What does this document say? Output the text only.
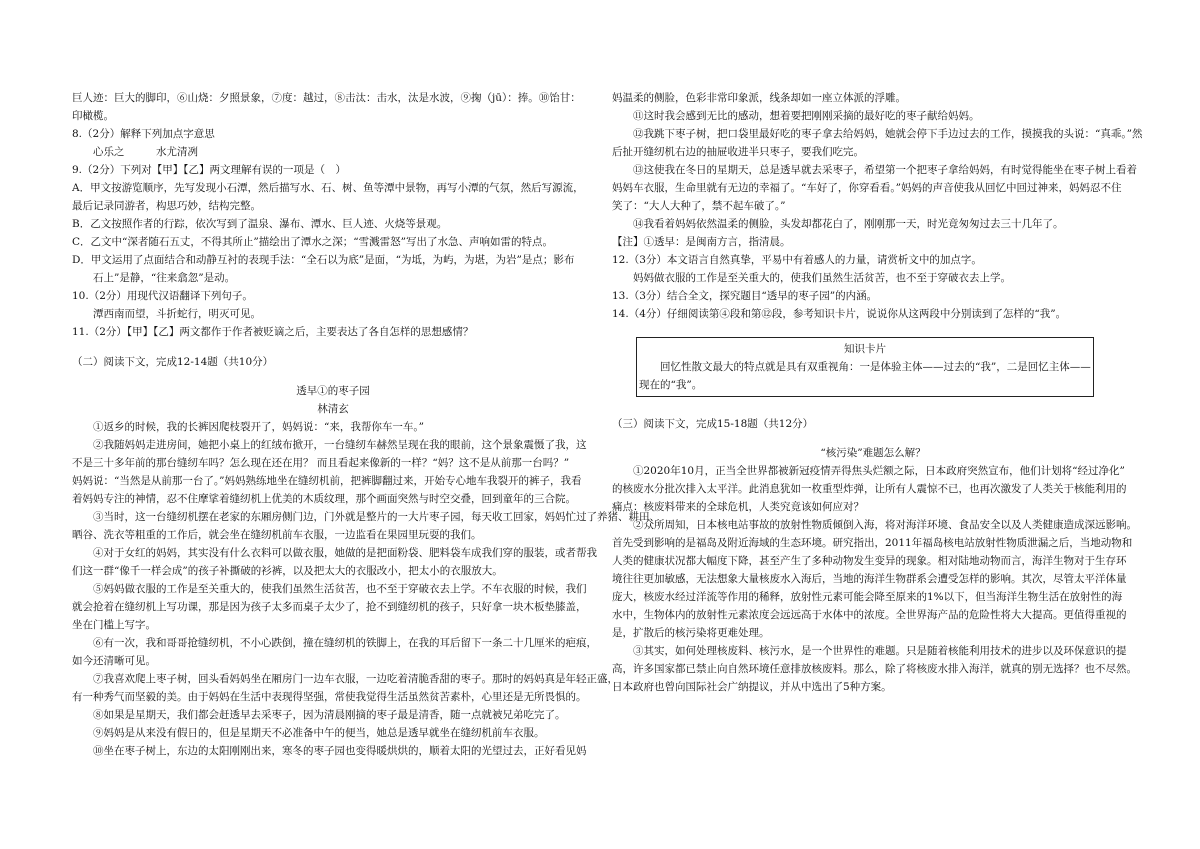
巨人迹：巨大的脚印，⑥山烧：夕照景象，⑦度：越过，⑧击汰：击水，汰是水波，⑨掬（jū）：捧。⑩饴甘：

印橄榄。

8.（2分）解释下列加点字意思

心乐之　　　水尤清冽

9.（2分）下列对【甲】【乙】两文理解有误的一项是（　）

A．甲文按游览顺序，先写发现小石潭，然后描写水、石、树、鱼等潭中景物，再写小潭的气氛，然后写源流，

最后记录同游者，构思巧妙，结构完整。

B．乙文按照作者的行踪，依次写到了温泉、瀑布、潭水、巨人迹、火烧等景观。

C．乙文中“深者随石五丈，不得其所止”描绘出了潭水之深；“雪溅雷怒”写出了水急、声响如雷的特点。

D．甲文运用了点面结合和动静互衬的表现手法：“全石以为底”是面，“为坻，为屿，为堪，为岩”是点；影布

石上”是静，“往来翕忽”是动。

10.（2分）用现代汉语翻译下列句子。

潭西南而望，斗折蛇行，明灭可见。

11.（2分）【甲】【乙】两文都作于作者被贬谪之后，主要表达了各自怎样的思想感情？

（二）阅读下文，完成12-14题（共10分）

透早①的枣子园

林清玄

①返乡的时候，我的长裤因爬枝裂开了，妈妈说：“来，我帮你车一车。”

②我随妈妈走进房间，她把小桌上的红绒布掀开，一台缝纫车赫然呈现在我的眼前，这个景象震慑了我，这

不是三十多年前的那台缝纫车吗？怎么现在还在用？ 而且看起来像新的一样？“妈？这不是从前那一台吗？”

妈妈说：“当然是从前那一台了。”妈妈熟练地坐在缝纫机前，把裤脚翻过来，开始专心地车我裂开的裤子，我看

着妈妈专注的神情，忍不住摩挲着缝纫机上优美的木质纹理，那个画面突然与时空交叠，回到童年的三合院。

③当时，这一台缝纫机摆在老家的东厢房侧门边，门外就是整片的一大片枣子园，每天收工回家，妈妈忙过了养猪、耕田、

晒谷、洗衣等粗重的工作后，就会坐在缝纫机前车衣服，一边监看在果园里玩耍的我们。

④对于女红的妈妈，其实没有什么衣料可以做衣服，她做的是把面粉袋、肥料袋车成我们穿的服装，或者帮我

们这一群“像千一样会成”的孩子补撕破的衫裤，以及把太大的衣服改小，把太小的衣服放大。

⑤妈妈做衣服的工作是至关重大的，使我们虽然生活贫苦，也不至于穿破衣去上学。不车衣服的时候，我们

就会抢着在缝纫机上写功课，那是因为孩子太多而桌子太少了，抢不到缝纫机的孩子，只好拿一块木板垫膝盖，

坐在门槛上写字。

⑥有一次，我和哥哥抢缝纫机，不小心跌倒，撞在缝纫机的铁脚上，在我的耳后留下一条二十几厘米的疤痕，

如今还清晰可见。

⑦我喜欢爬上枣子树，回头看妈妈坐在厢房门一边车衣服，一边吃着清脆香甜的枣子。那时的妈妈真是年轻正盛，

有一种秀气而坚毅的美。由于妈妈在生活中表现得坚强，常使我觉得生活虽然贫苦素朴，心里还是无所畏惧的。

⑧如果是星期天，我们都会赶透早去采枣子，因为清晨刚摘的枣子最是清香，随一点就被兄弟吃完了。

⑨妈妈是从来没有假日的，但是星期天不必准备中午的便当，她总是透早就坐在缝纫机前车衣服。

⑩坐在枣子树上，东边的太阳刚刚出来，寒冬的枣子园也变得暖烘烘的，顺着太阳的光望过去，正好看见妈

妈温柔的侧脸，色彩非常印象派，线条却如一座立体派的浮雕。

⑪这时我会感到无比的感动，想着要把刚刚采摘的最好吃的枣子献给妈妈。

⑫我跳下枣子树，把口袋里最好吃的枣子拿去给妈妈，她就会停下手边过去的工作，摸摸我的头说：“真乖。”然

后扯开缝纫机右边的抽屉收进半只枣子，要我们吃完。

⑬这使我在冬日的星期天，总是透早就去采枣子，希望第一个把枣子拿给妈妈，有时觉得能坐在枣子树上看着

妈妈车衣服，生命里就有无边的幸福了。“车好了，你穿看看。”妈妈的声音使我从回忆中回过神来，妈妈忍不住

笑了：“大人大种了，禁不起车破了。”

⑭我看着妈妈依然温柔的侧脸，头发却都花白了，刚刚那一天，时光竟匆匆过去三十几年了。

【注】①透早：是闽南方言，指清晨。

12.（3分）本文语言自然真挚，平易中有着感人的力量，请赏析文中的加点字。

妈妈做衣服的工作是至关重大的，使我们虽然生活贫苦，也不至于穿破衣去上学。

13.（3分）结合全文，探究题目“透早的枣子园”的内涵。

14.（4分）仔细阅读第④段和第⑫段，参考知识卡片，说说你从这两段中分别读到了怎样的“我”。

知识卡片

回忆性散文最大的特点就是具有双重视角：一是体验主体——过去的“我”，二是回忆主体——现在的“我”。

（三）阅读下文，完成15-18题（共12分）

“核污染”难题怎么解？

①2020年10月，正当全世界都被新冠疫情弄得焦头烂额之际，日本政府突然宣布，他们计划将“经过净化”

的核废水分批次排入太平洋。此消息犹如一枚重型炸弹，让所有人震惊不已，也再次激发了人类关于核能利用的

痛点：核废料带来的全球危机，人类究竟该如何应对？

②众所周知，日本核电站事故的放射性物质倾倒入海，将对海洋环境、食品安全以及人类健康造成深远影响。

首先受到影响的是福岛及附近海域的生态环境。研究指出，2011年福岛核电站放射性物质泄漏之后，当地动物和

人类的健康状况都大幅度下降，甚至产生了多种动物发生变异的现象。相对陆地动物而言，海洋生物对于生存环

境往往更加敏感，无法想象大量核废水入海后，当地的海洋生物群系会遭受怎样的影响。其次，尽管太平洋体量

庞大，核废水经过洋流等作用的稀释，放射性元素可能会降至原来的1%以下，但当海洋生物生活在放射性的海

水中，生物体内的放射性元素浓度会远远高于水体中的浓度。全世界海产品的危险性将大大提高。更值得重视的

是，扩散后的核污染将更难处理。

③其实，如何处理核废料、核污水，是一个世界性的难题。只是随着核能利用技术的进步以及环保意识的提

高，许多国家都已禁止向自然环境任意排放核废料。那么，除了将核废水排入海洋，就真的别无选择？也不尽然。

日本政府也曾向国际社会广纳提议，并从中选出了5种方案。
